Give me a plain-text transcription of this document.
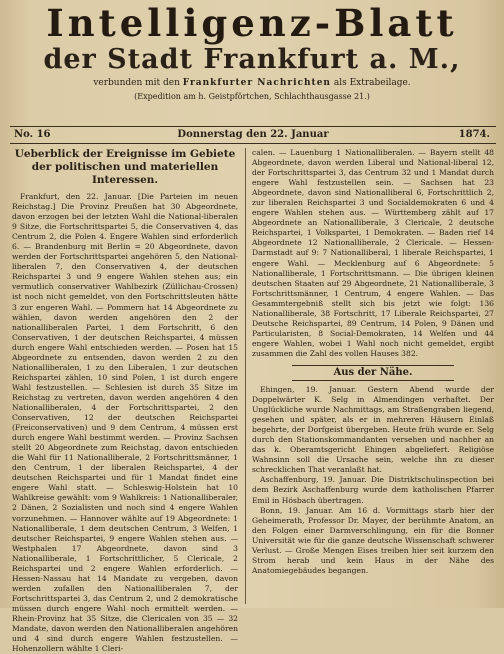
Intelligenz-Blatt
der Stadt Frankfurt a. M.,
verbunden mit den Frankfurter Nachrichten als Extrabeilage.
(Expedition am h. Geistpförtchen, Schlachthausgasse 21.)
No. 16	Donnerstag den 22. Januar	1874.
Ueberblick der Ereignisse im Gebiete der politischen und materiellen Interessen.

Frankfurt, den 22. Januar. [Die Parteien im neuen Reichstag.] Die Provinz Preußen hat 30 Abgeordnete, davon erzogen bei der letzten Wahl die National-liberalen 9 Sitze, die Fortschrittspartei 5, die Conservativen 4, das Centrum 2, die Polen 4. Engere Wahlen sind erforderlich 6. — Brandenburg mit Berlin = 20 Abgeordnete, davon werden der Fortschrittspartei angehören 5, den National-liberalen 7, den Conservativen 4, der deutschen Reichspartei 3 und 9 engere Wahlen stehen aus; ein vermutlich conservativer Wahlbezirk (Züllichau-Crossen) ist noch nicht gemeldet, von den Fortschrittsleuten hätte 3 zur engeren Wahl. — Pommern hat 14 Abgeordnete zu wählen, davon werden angehören den 2 der nationalliberalen Partei, 1 dem Fortschritt, 6 den Conservativen, 1 der deutschen Reichspartei, 4 müssen durch engere Wahl entschieden werden. — Posen hat 15 Abgeordnete zu entsenden, davon werden 2 zu den Nationalliberalen, 1 zu den Liberalen, 1 zur deutschen Reichspartei zählen, 10 sind Polen, 1 ist durch engere Wahl festzustellen. — Schlesien ist durch 35 Sitze im Reichstag zu vertreten, davon werden angehören 4 den Nationalliberalen, 4 der Fortschrittspartei, 2 den Conservativen, 12 der deutschen Reichspartei (Freiconservativen) und 9 dem Centrum, 4 müssen erst durch engere Wahl bestimmt werden. — Provinz Sachsen stellt 20 Abgeordnete zum Reichstag, davon entschieden die Wahl für 11 Nationalliberale, 2 Fortschrittsmänner, 1 den Centrum, 1 der liberalen Reichspartei, 4 der deutschen Reichspartei und für 1 Mandat findet eine engere Wahl statt. — Schleswig-Holstein hat 10 Wahlkreise gewählt: vom 9 Wahlkreis: 1 Nationalliberaler, 2 Dänen, 2 Sozialisten und noch sind 4 engere Wahlen vorzunehmen. — Hannover wählte auf 19 Abgeordnete: 1 Nationalliberale, 1 dem deutschen Centrum, 3 Welfen, 1 deutscher Reichspartei, 9 engere Wahlen stehen aus. — Westphalen 17 Abgeordnete, davon sind 3 Nationalliberale, 1 Fortschrittlicher, 5 Clericale, 2 Reichspartei und 2 engere Wahlen erforderlich. — Hessen-Nassau hat 14 Mandate zu vergeben, davon werden zufallen den Nationalliberalen 7, der Fortschrittspartei 3, das Centrum 2, und 2 demokratische müssen durch engere Wahl noch ermittelt werden. — Rhein-Provinz hat 35 Sitze, die Clericalen von 35 — 32 Mandate, davon werden den Nationalliberalen angehören und 4 sind durch engere Wahlen festzustellen. — Hohenzollern wählte 1 Cleri-

calen. — Lauenburg 1 Nationalliberalen. — Bayern stellt 48 Abgeordnete, davon werden Liberal und National-liberal 12, der Fortschrittspartei 3, das Centrum 32 und 1 Mandat durch engere Wahl festzustellen sein. — Sachsen hat 23 Abgeordnete, davon sind Nationalliberal 6, Fortschrittlich 2, zur liberalen Reichspartei 3 und Socialdemokraten 6 und 4 engere Wahlen stehen aus. — Württemberg zählt auf 17 Abgeordnete an Nationalliberale, 3 Clericale, 2 deutsche Reichspartei, 1 Volkspartei, 1 Demokraten. — Baden rief 14 Abgeordnete 12 Nationalliberale, 2 Clericale. — Hessen-Darmstadt auf 9: 7 Nationalliberal, 1 liberale Reichspartei, 1 engere Wahl. — Mecklenburg auf 6 Abgeordnete: 5 Nationalliberale, 1 Fortschrittsmann. — Die übrigen kleinen deutschen Staaten auf 29 Abgeordnete, 21 Nationalliberale, 3 Fortschrittsmänner, 1 Centrum, 4 engere Wahlen. — Das Gesammtergebniß stellt sich bis jetzt wie folgt: 136 Nationalliberale, 38 Fortschritt, 17 Liberale Reichspartei, 27 Deutsche Reichspartei, 89 Centrum, 14 Polen, 9 Dänen und Particularisten, 8 Social-Demokraten, 14 Welfen und 44 engere Wahlen, wobei 1 Wahl noch nicht gemeldet, ergibt zusammen die Zahl des vollen Hauses 382.

Aus der Nähe.

Ehingen, 19. Januar. Gestern Abend wurde der Doppelwärter K. Selg in Almendingen verhaftet. Der Unglückliche wurde Nachmittags, am Straßengraben liegend, gesehen und später, als er in mehreren Häusern Einlaß begehrte, der Dorfgeist übergeben. Heute früh wurde er. Selg durch den Stationskommandanten versehen und nachher an das k. Oberamtsgericht Ehingen abgeliefert. Religiöse Wahnsinn soll die Ursache sein, welche ihn zu dieser schrecklichen That veranlaßt hat.

Aschaffenburg, 19. Januar. Die Distriktschulinspection bei dem Bezirk Aschaffenburg wurde dem katholischen Pfarrer Emil in Hösbach übertragen.

Bonn, 19. Januar. Am 16 d. Vormittags starb hier der Geheimerath, Professor Dr. Mayer, der berühmte Anatom, an den Folgen einer Darmverschlingung, ein für die Bonner Universität wie für die ganze deutsche Wissenschaft schwerer Verlust. — Große Mengen Eises treiben hier seit kurzem den Strom herab und kein Haus in der Nähe des Anatomiegebäudes begangen.
